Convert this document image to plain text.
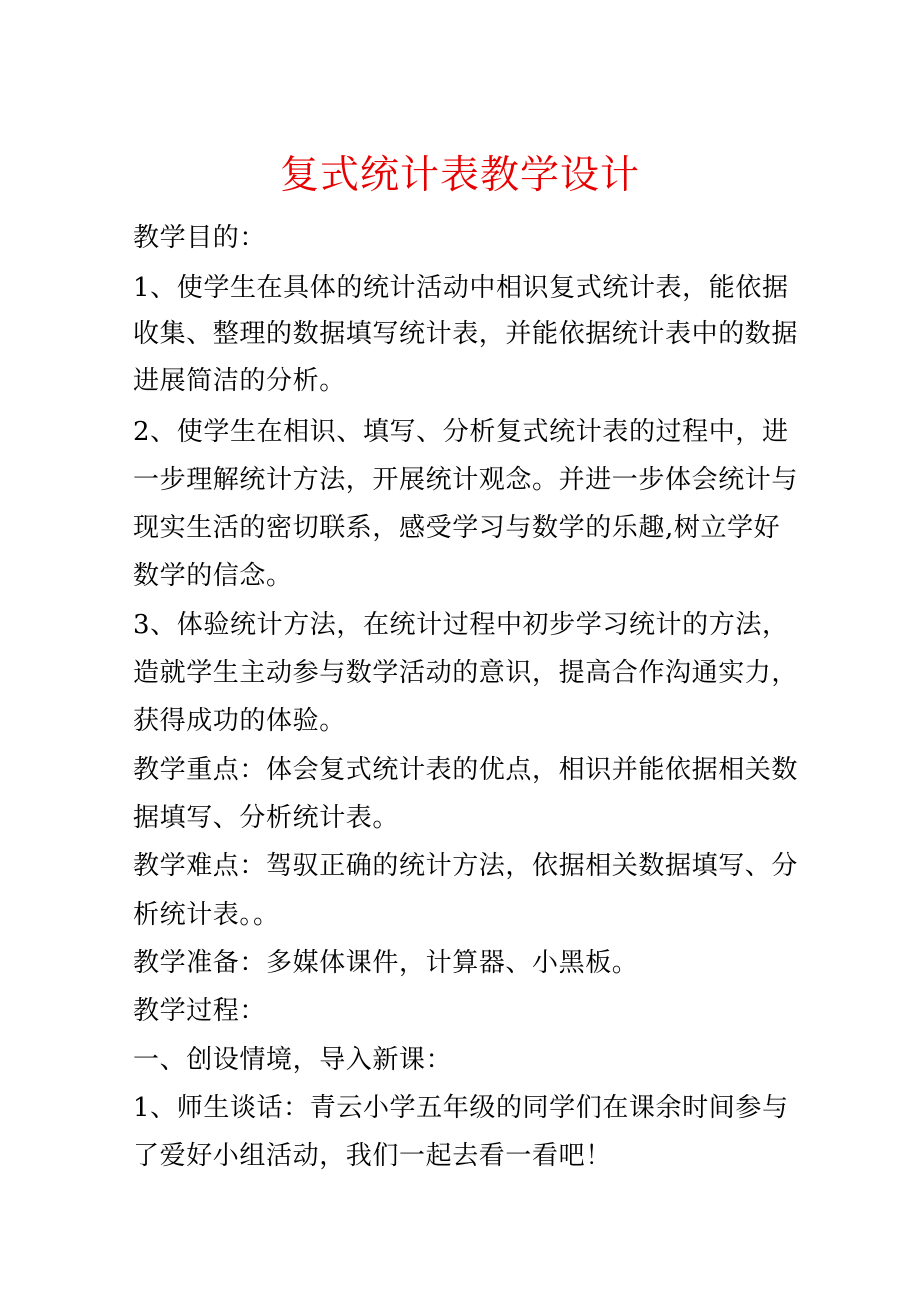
复式统计表教学设计
教学目的：
1、使学生在具体的统计活动中相识复式统计表，能依据
收集、整理的数据填写统计表，并能依据统计表中的数据
进展简洁的分析。
2、使学生在相识、填写、分析复式统计表的过程中，进
一步理解统计方法，开展统计观念。并进一步体会统计与
现实生活的密切联系，感受学习与数学的乐趣,树立学好
数学的信念。
3、体验统计方法，在统计过程中初步学习统计的方法，
造就学生主动参与数学活动的意识，提高合作沟通实力，
获得成功的体验。
教学重点：体会复式统计表的优点，相识并能依据相关数
据填写、分析统计表。
教学难点：驾驭正确的统计方法，依据相关数据填写、分
析统计表。。
教学准备：多媒体课件，计算器、小黑板。
教学过程：
一、创设情境，导入新课：
1、师生谈话：青云小学五年级的同学们在课余时间参与
了爱好小组活动，我们一起去看一看吧！
